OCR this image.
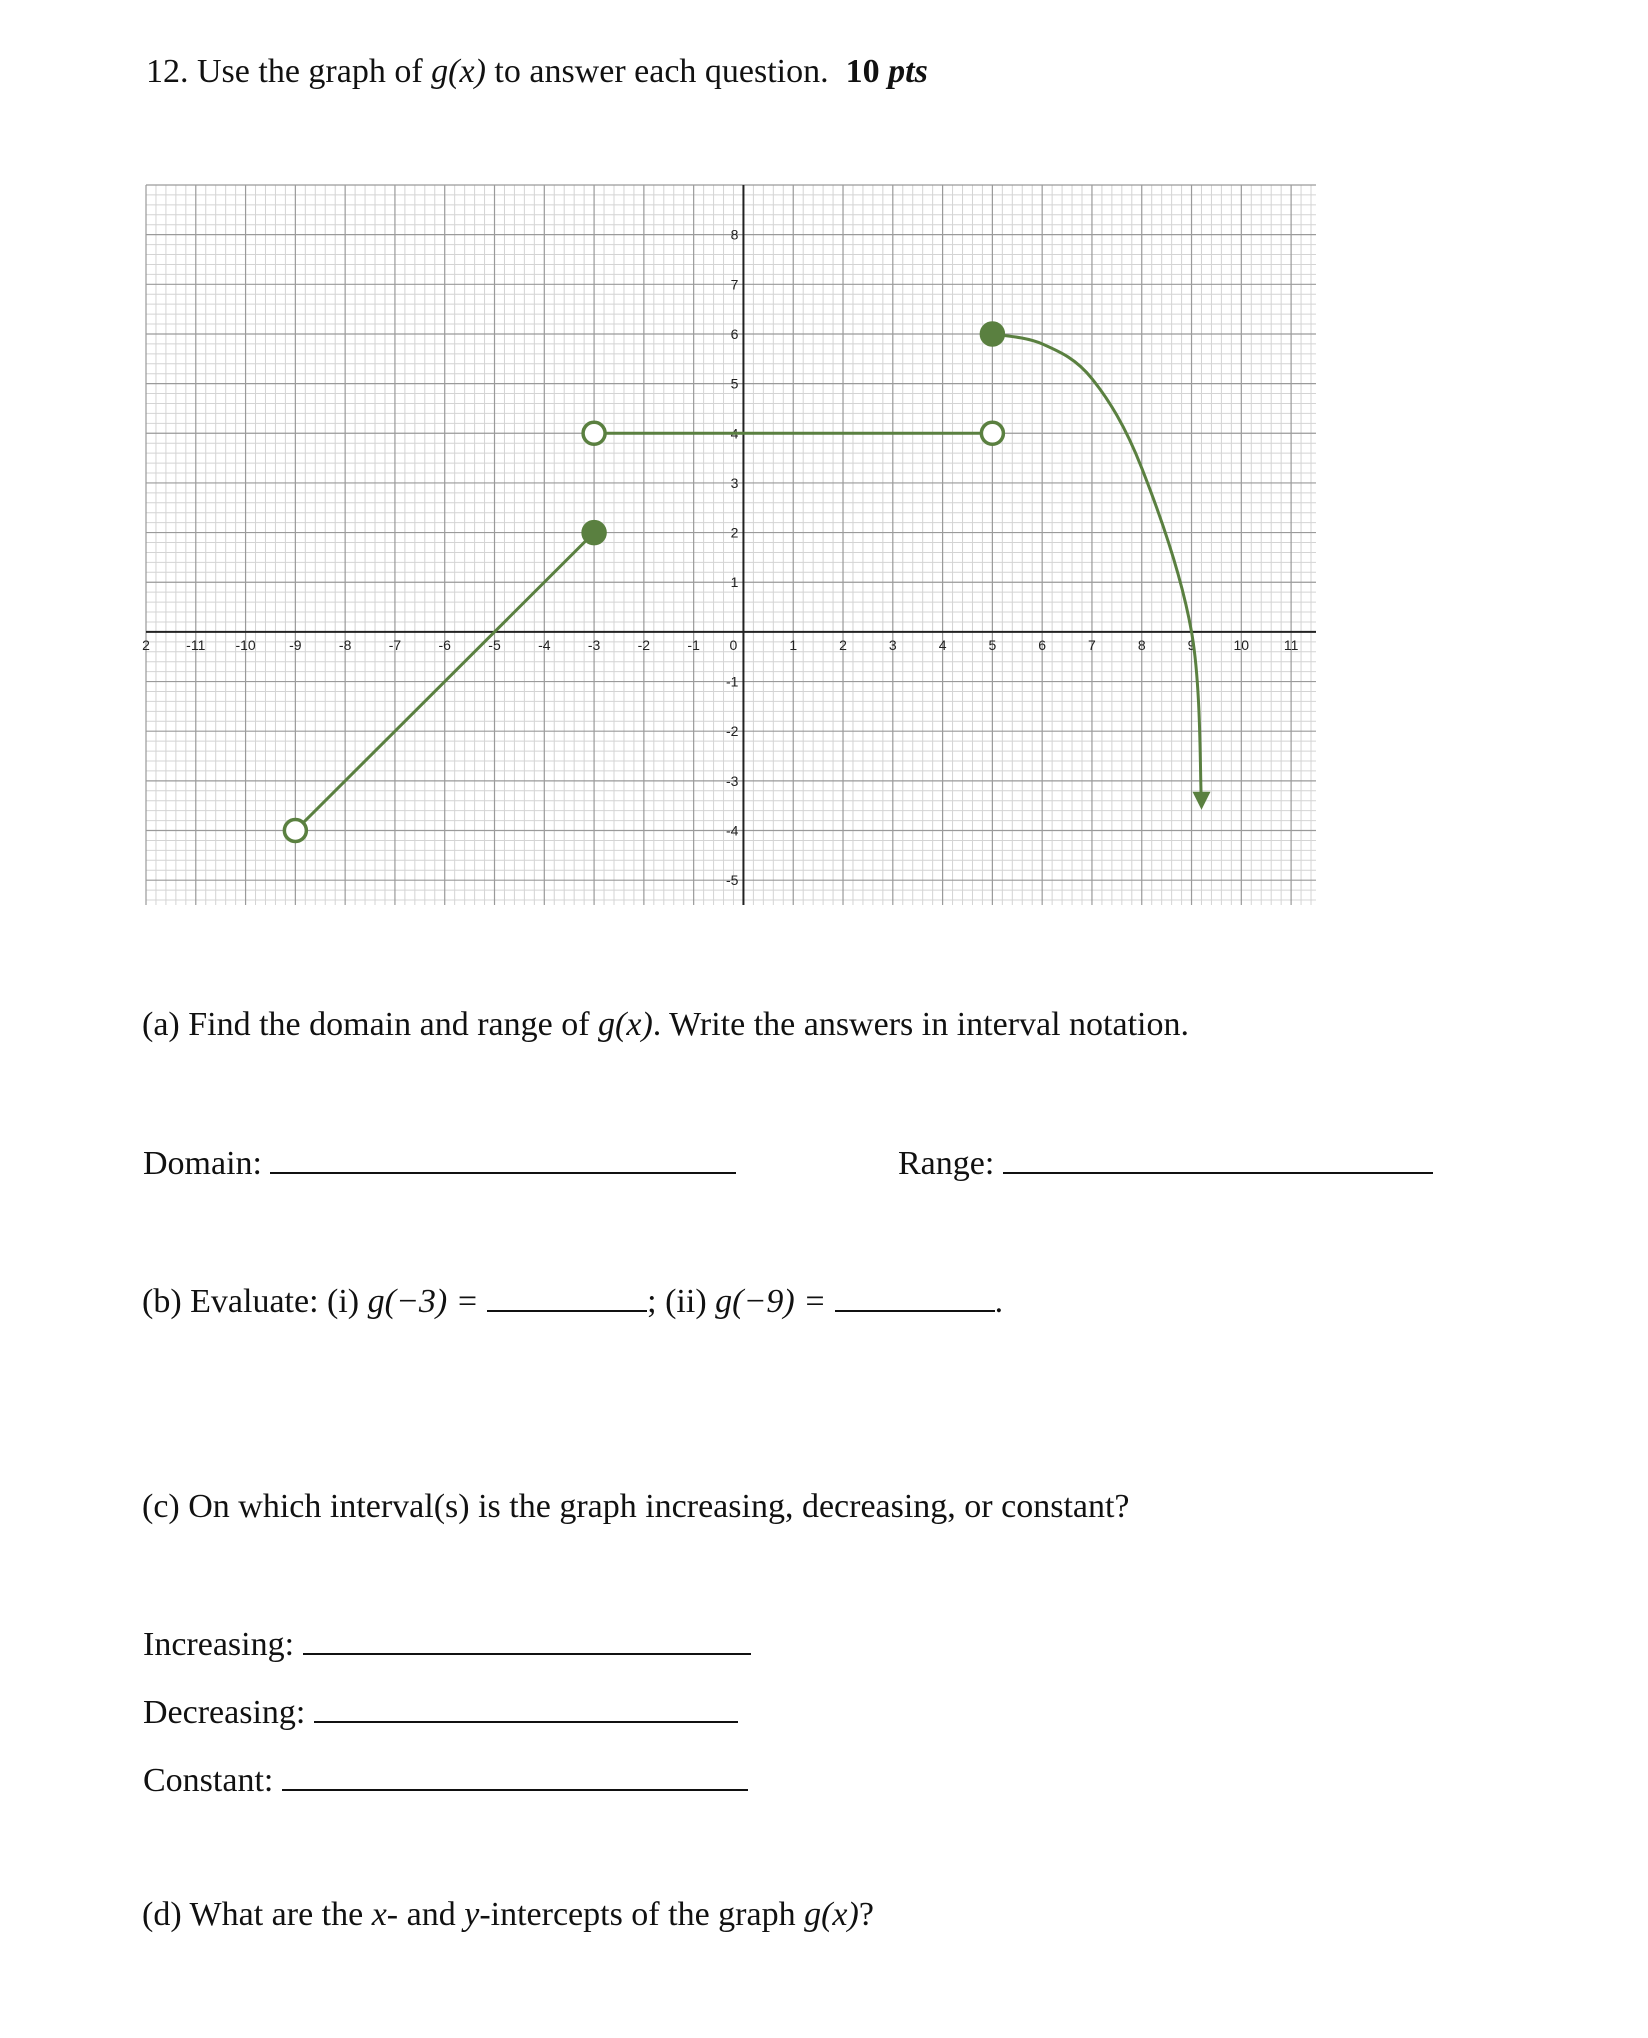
12. Use the graph of g(x) to answer each question. 10 pts
2	-11 -10 -9	-8	-7	-6	-5	-4	-3	-2	-1 0	1	2	3	4	5	6	7	8	9	10 11
8
7
6
5
4
3
2
1
-1
-2
-3
-4
-5
(a) Find the domain and range of g(x). Write the answers in interval notation.
Domain:	Range:
(b) Evaluate: (i) g(−3) =	; (ii) g(−9) =	.
(c) On which interval(s) is the graph increasing, decreasing, or constant?
Increasing:
Decreasing:
Constant:
(d) What are the x- and y-intercepts of the graph g(x)?
